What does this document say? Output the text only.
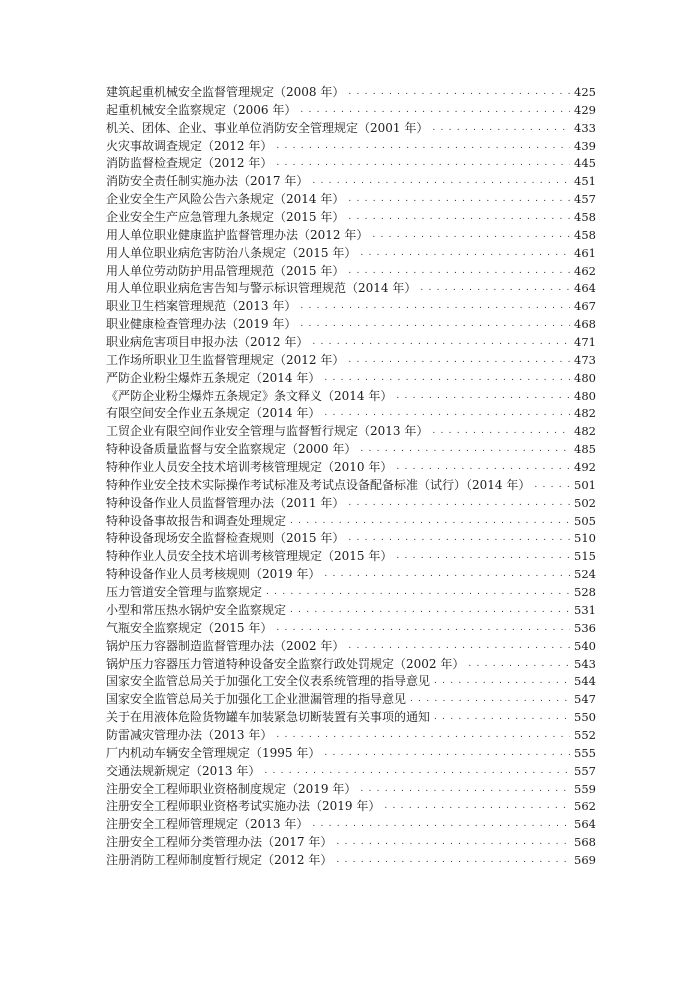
建筑起重机械安全监督管理规定（2008 年） . . .	425
起重机械安全监察规定（2006 年） . . .	429
机关、团体、企业、事业单位消防安全管理规定（2001 年） . . .	433
火灾事故调查规定（2012 年） . . .	439
消防监督检查规定（2012 年） . . .	445
消防安全责任制实施办法（2017 年） . . .	451
企业安全生产风险公告六条规定（2014 年） . . .	457
企业安全生产应急管理九条规定（2015 年） . . .	458
用人单位职业健康监护监督管理办法（2012 年） . . .	458
用人单位职业病危害防治八条规定（2015 年） . . .	461
用人单位劳动防护用品管理规范（2015 年） . . .	462
用人单位职业病危害告知与警示标识管理规范（2014 年） . . .	464
职业卫生档案管理规范（2013 年） . . .	467
职业健康检查管理办法（2019 年） . . .	468
职业病危害项目申报办法（2012 年） . . .	471
工作场所职业卫生监督管理规定（2012 年） . . .	473
严防企业粉尘爆炸五条规定（2014 年） . . .	480
《严防企业粉尘爆炸五条规定》条文释义（2014 年） . . .	480
有限空间安全作业五条规定（2014 年） . . .	482
工贸企业有限空间作业安全管理与监督暂行规定（2013 年） . . .	482
特种设备质量监督与安全监察规定（2000 年） . . .	485
特种作业人员安全技术培训考核管理规定（2010 年） . . .	492
特种作业安全技术实际操作考试标准及考试点设备配备标准（试行）（2014 年） . . .	501
特种设备作业人员监督管理办法（2011 年） . . .	502
特种设备事故报告和调查处理规定 . . .	505
特种设备现场安全监督检查规则（2015 年） . . .	510
特种作业人员安全技术培训考核管理规定（2015 年） . . .	515
特种设备作业人员考核规则（2019 年） . . .	524
压力管道安全管理与监察规定 . . .	528
小型和常压热水锅炉安全监察规定 . . .	531
气瓶安全监察规定（2015 年） . . .	536
锅炉压力容器制造监督管理办法（2002 年） . . .	540
锅炉压力容器压力管道特种设备安全监察行政处罚规定（2002 年） . . .	543
国家安全监管总局关于加强化工安全仪表系统管理的指导意见 . . .	544
国家安全监管总局关于加强化工企业泄漏管理的指导意见 . . .	547
关于在用液体危险货物罐车加装紧急切断装置有关事项的通知 . . .	550
防雷减灾管理办法（2013 年） . . .	552
厂内机动车辆安全管理规定（1995 年） . . .	555
交通法规新规定（2013 年） . . .	557
注册安全工程师职业资格制度规定（2019 年） . . .	559
注册安全工程师职业资格考试实施办法（2019 年） . . .	562
注册安全工程师管理规定（2013 年） . . .	564
注册安全工程师分类管理办法（2017 年） . . .	568
注册消防工程师制度暂行规定（2012 年） . . .	569
